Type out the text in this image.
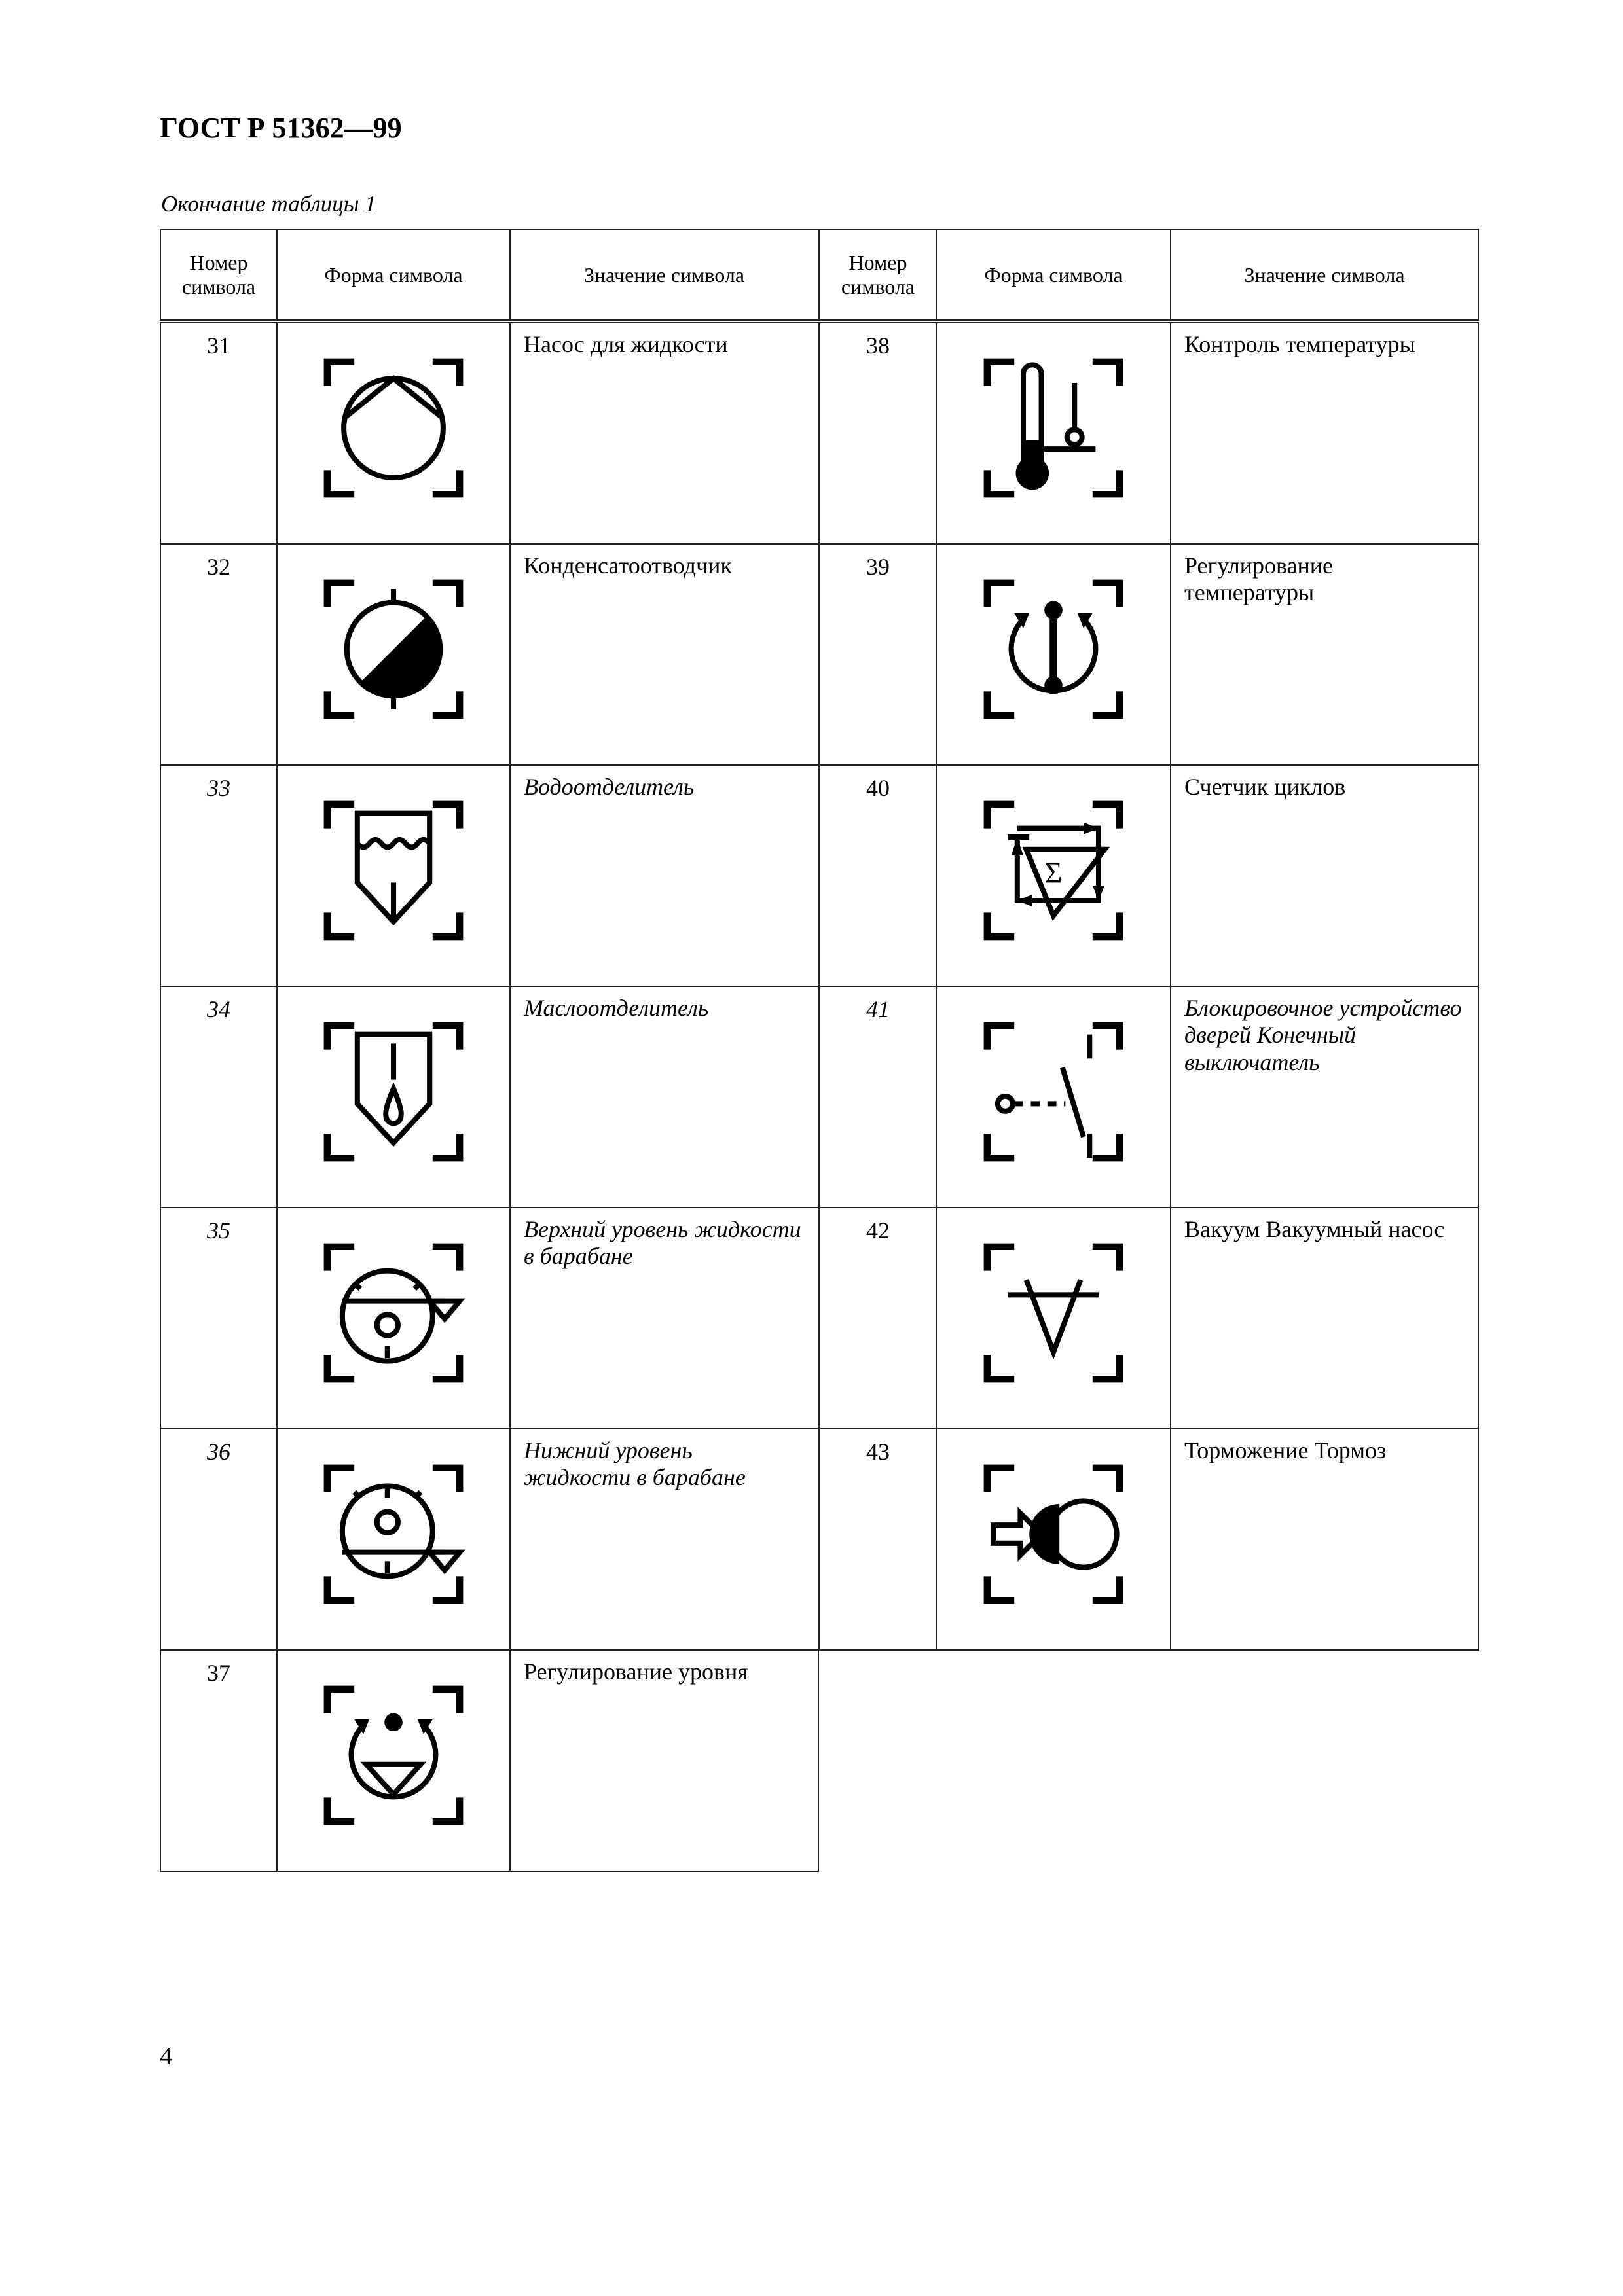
ГОСТ Р 51362—99
Окончание таблицы 1
Номер символа	Форма символа	Значение символа
31		Насос для жидкости
32		Конденсатоотводчик
33		Водоотделитель
34		Маслоотделитель
35		Верхний уровень жидкости в барабане
36		Нижний уровень жидкости в барабане
37		Регулирование уровня
Номер символа	Форма символа	Значение символа
38		Контроль температуры
39		Регулирование температуры
40	Σ	Счетчик циклов
41		Блокировочное устройство дверей Конечный выключатель
42		Вакуум Вакуумный насос
43		Торможение Тормоз
4
